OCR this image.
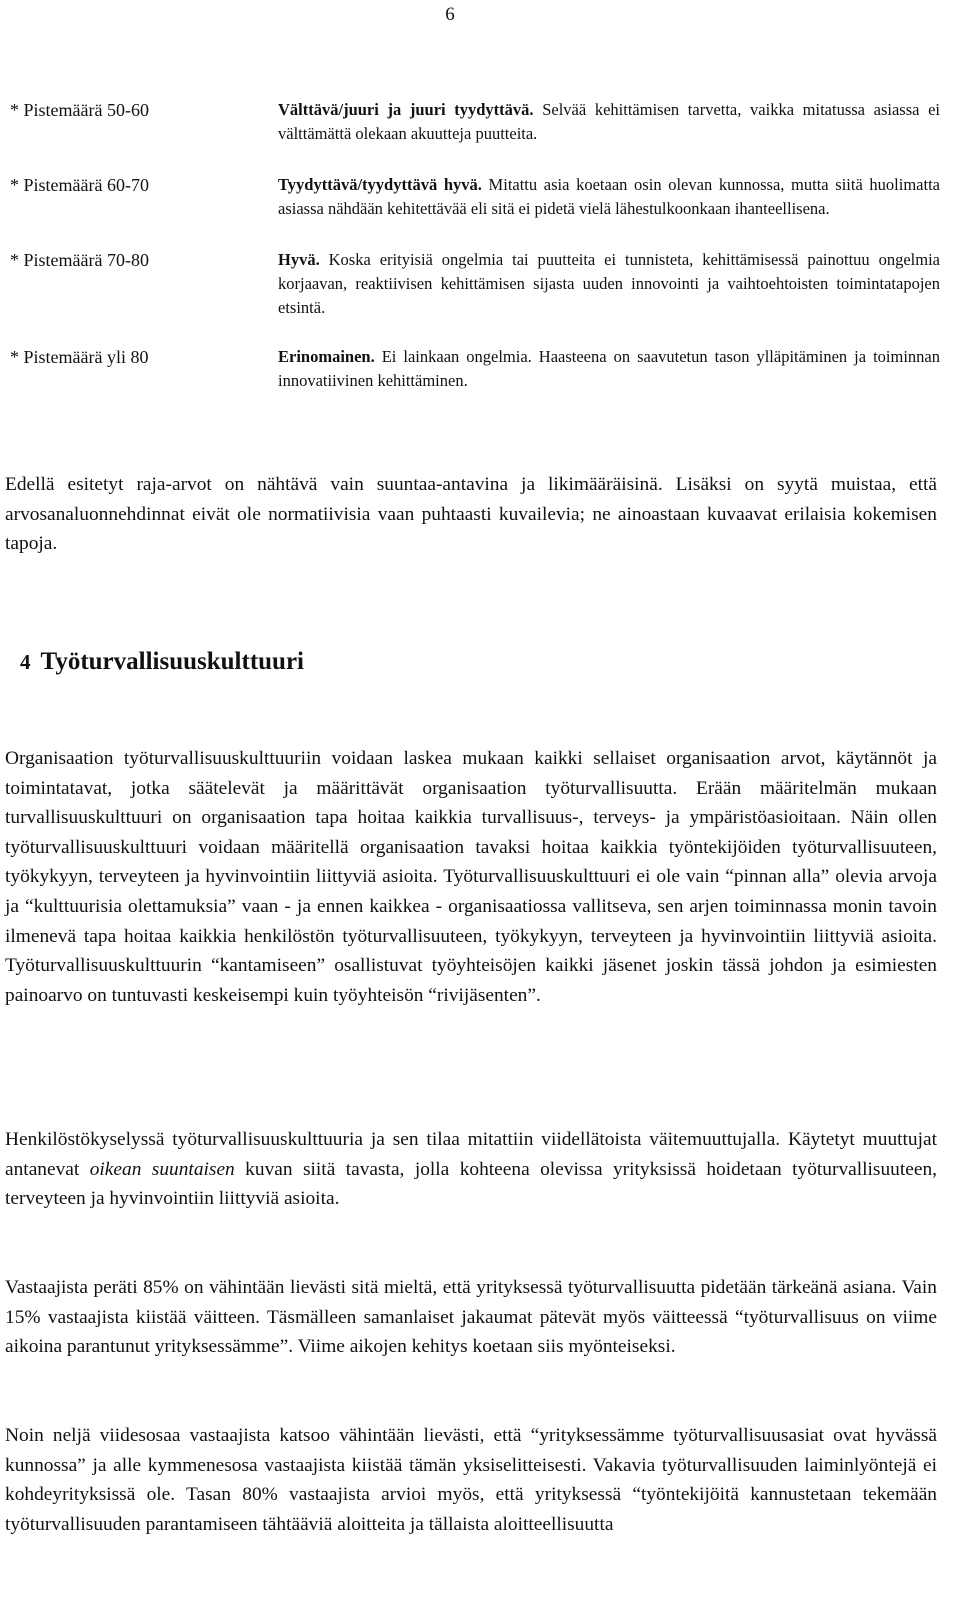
6
* Pistemäärä 50-60	Välttävä/juuri ja juuri tyydyttävä. Selvää kehittämisen tarvetta, vaikka mitatussa asiassa ei välttämättä olekaan akuutteja puutteita.
* Pistemäärä 60-70	Tyydyttävä/tyydyttävä hyvä. Mitattu asia koetaan osin olevan kunnossa, mutta siitä huolimatta asiassa nähdään kehitettävää eli sitä ei pidetä vielä lähestulkoonkaan ihanteellisena.
* Pistemäärä 70-80	Hyvä. Koska erityisiä ongelmia tai puutteita ei tunnisteta, kehittämisessä painottuu ongelmia korjaavan, reaktiivisen kehittämisen sijasta uuden innovointi ja vaihtoehtoisten toimintatapojen etsintä.
* Pistemäärä yli 80	Erinomainen. Ei lainkaan ongelmia. Haasteena on saavutetun tason ylläpitäminen ja toiminnan innovatiivinen kehittäminen.

Edellä esitetyt raja-arvot on nähtävä vain suuntaa-antavina ja likimääräisinä. Lisäksi on syytä muistaa, että arvosanaluonnehdinnat eivät ole normatiivisia vaan puhtaasti kuvailevia; ne ainoastaan kuvaavat erilaisia kokemisen tapoja.

4 Työturvallisuuskulttuuri

Organisaation työturvallisuuskulttuuriin voidaan laskea mukaan kaikki sellaiset organisaation arvot, käytännöt ja toimintatavat, jotka säätelevät ja määrittävät organisaation työturvallisuutta. Erään määritelmän mukaan turvallisuuskulttuuri on organisaation tapa hoitaa kaikkia turvallisuus-, terveys- ja ympäristöasioitaan. Näin ollen työturvallisuuskulttuuri voidaan määritellä organisaation tavaksi hoitaa kaikkia työntekijöiden työturvallisuuteen, työkykyyn, terveyteen ja hyvinvointiin liittyviä asioita. Työturvallisuuskulttuuri ei ole vain “pinnan alla” olevia arvoja ja “kulttuurisia olettamuksia” vaan - ja ennen kaikkea - organisaatiossa vallitseva, sen arjen toiminnassa monin tavoin ilmenevä tapa hoitaa kaikkia henkilöstön työturvallisuuteen, työkykyyn, terveyteen ja hyvinvointiin liittyviä asioita. Työturvallisuuskulttuurin “kantamiseen” osallistuvat työyhteisöjen kaikki jäsenet joskin tässä johdon ja esimiesten painoarvo on tuntuvasti keskeisempi kuin työyhteisön “rivijäsenten”.

Henkilöstökyselyssä työturvallisuuskulttuuria ja sen tilaa mitattiin viidellätoista väitemuuttujalla. Käytetyt muuttujat antanevat oikean suuntaisen kuvan siitä tavasta, jolla kohteena olevissa yrityksissä hoidetaan työturvallisuuteen, terveyteen ja hyvinvointiin liittyviä asioita.

Vastaajista peräti 85% on vähintään lievästi sitä mieltä, että yrityksessä työturvallisuutta pidetään tärkeänä asiana. Vain 15% vastaajista kiistää väitteen. Täsmälleen samanlaiset jakaumat pätevät myös väitteessä “työturvallisuus on viime aikoina parantunut yrityksessämme”. Viime aikojen kehitys koetaan siis myönteiseksi.

Noin neljä viidesosaa vastaajista katsoo vähintään lievästi, että “yrityksessämme työturvallisuusasiat ovat hyvässä kunnossa” ja alle kymmenesosa vastaajista kiistää tämän yksiselitteisesti. Vakavia työturvallisuuden laiminlyöntejä ei kohdeyrityksissä ole. Tasan 80% vastaajista arvioi myös, että yrityksessä “työntekijöitä kannustetaan tekemään työturvallisuuden parantamiseen tähtääviä aloitteita ja tällaista aloitteellisuutta
